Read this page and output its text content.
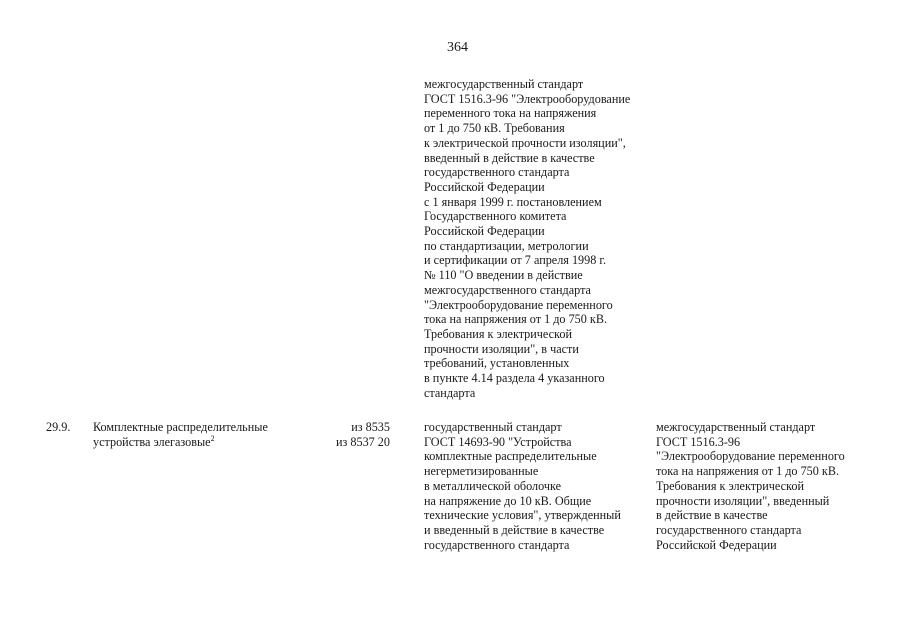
364
межгосударственный стандарт
ГОСТ 1516.3-96 "Электрооборудование
переменного тока на напряжения
от 1 до 750 кВ. Требования
к электрической прочности изоляции",
введенный в действие в качестве
государственного стандарта
Российской Федерации
с 1 января 1999 г. постановлением
Государственного комитета
Российской Федерации
по стандартизации, метрологии
и сертификации от 7 апреля 1998 г.
№ 110 "О введении в действие
межгосударственного стандарта
"Электрооборудование переменного
тока на напряжения от 1 до 750 кВ.
Требования к электрической
прочности изоляции", в части
требований, установленных
в пункте 4.14 раздела 4 указанного
стандарта
29.9. Комплектные распределительные
устройства элегазовые$^2$
из 8535
из 8537 20
государственный стандарт
ГОСТ 14693-90 "Устройства
комплектные распределительные
негерметизированные
в металлической оболочке
на напряжение до 10 кВ. Общие
технические условия", утвержденный
и введенный в действие в качестве
государственного стандарта
межгосударственный стандарт
ГОСТ 1516.3-96
"Электрооборудование переменного
тока на напряжения от 1 до 750 кВ.
Требования к электрической
прочности изоляции", введенный
в действие в качестве
государственного стандарта
Российской Федерации
